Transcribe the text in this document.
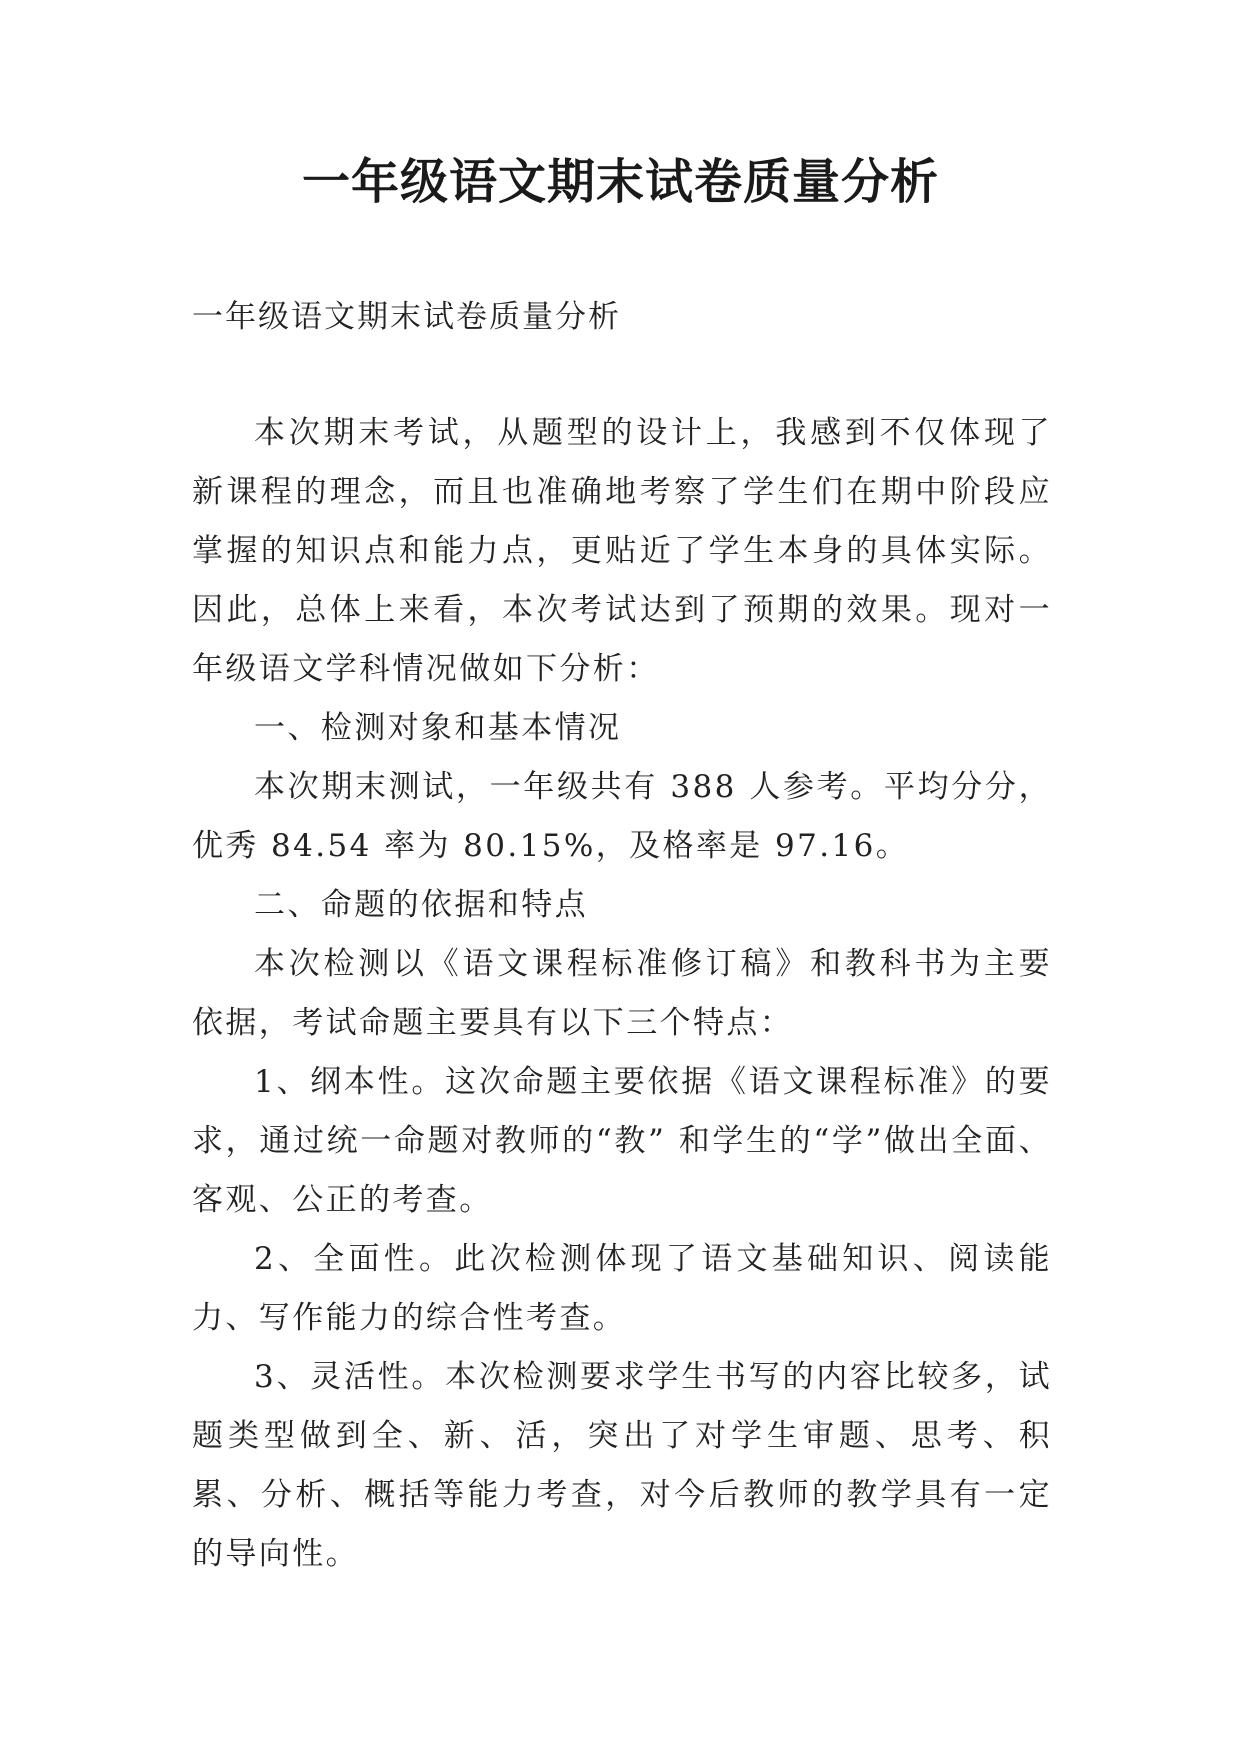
一年级语文期末试卷质量分析

一年级语文期末试卷质量分析

本次期末考试，从题型的设计上，我感到不仅体现了新课程的理念，而且也准确地考察了学生们在期中阶段应掌握的知识点和能力点，更贴近了学生本身的具体实际。因此，总体上来看，本次考试达到了预期的效果。现对一年级语文学科情况做如下分析：

一、检测对象和基本情况

本次期末测试，一年级共有 388 人参考。平均分分，优秀 84.54 率为 80.15%，及格率是 97.16。

二、命题的依据和特点

本次检测以《语文课程标准修订稿》和教科书为主要依据，考试命题主要具有以下三个特点：

1、纲本性。这次命题主要依据《语文课程标准》的要求，通过统一命题对教师的“教” 和学生的“学”做出全面、客观、公正的考查。

2、全面性。此次检测体现了语文基础知识、阅读能力、写作能力的综合性考查。

3、灵活性。本次检测要求学生书写的内容比较多，试题类型做到全、新、活，突出了对学生审题、思考、积累、分析、概括等能力考查，对今后教师的教学具有一定的导向性。
